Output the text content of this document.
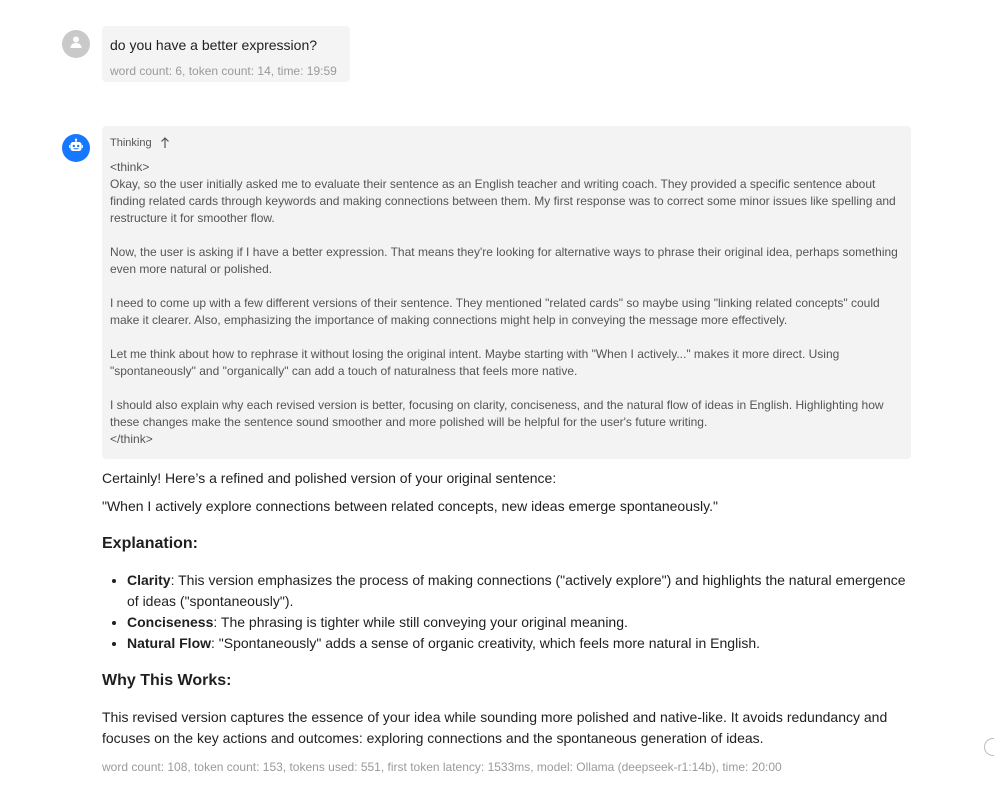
do you have a better expression?
word count: 6, token count: 14, time: 19:59
Thinking

<think>

Okay, so the user initially asked me to evaluate their sentence as an English teacher and writing coach. They provided a specific sentence about finding related cards through keywords and making connections between them. My first response was to correct some minor issues like spelling and restructure it for smoother flow.

Now, the user is asking if I have a better expression. That means they're looking for alternative ways to phrase their original idea, perhaps something even more natural or polished.

I need to come up with a few different versions of their sentence. They mentioned "related cards" so maybe using "linking related concepts" could make it clearer. Also, emphasizing the importance of making connections might help in conveying the message more effectively.

Let me think about how to rephrase it without losing the original intent. Maybe starting with "When I actively..." makes it more direct. Using "spontaneously" and "organically" can add a touch of naturalness that feels more native.

I should also explain why each revised version is better, focusing on clarity, conciseness, and the natural flow of ideas in English. Highlighting how these changes make the sentence sound smoother and more polished will be helpful for the user's future writing.

</think>

Certainly! Here’s a refined and polished version of your original sentence:

"When I actively explore connections between related concepts, new ideas emerge spontaneously."

Explanation:
• Clarity: This version emphasizes the process of making connections ("actively explore") and highlights the natural emergence of ideas ("spontaneously").
• Conciseness: The phrasing is tighter while still conveying your original meaning.
• Natural Flow: "Spontaneously" adds a sense of organic creativity, which feels more natural in English.
Why This Works:

This revised version captures the essence of your idea while sounding more polished and native-like. It avoids redundancy and focuses on the key actions and outcomes: exploring connections and the spontaneous generation of ideas.

word count: 108, token count: 153, tokens used: 551, first token latency: 1533ms, model: Ollama (deepseek-r1:14b), time: 20:00
